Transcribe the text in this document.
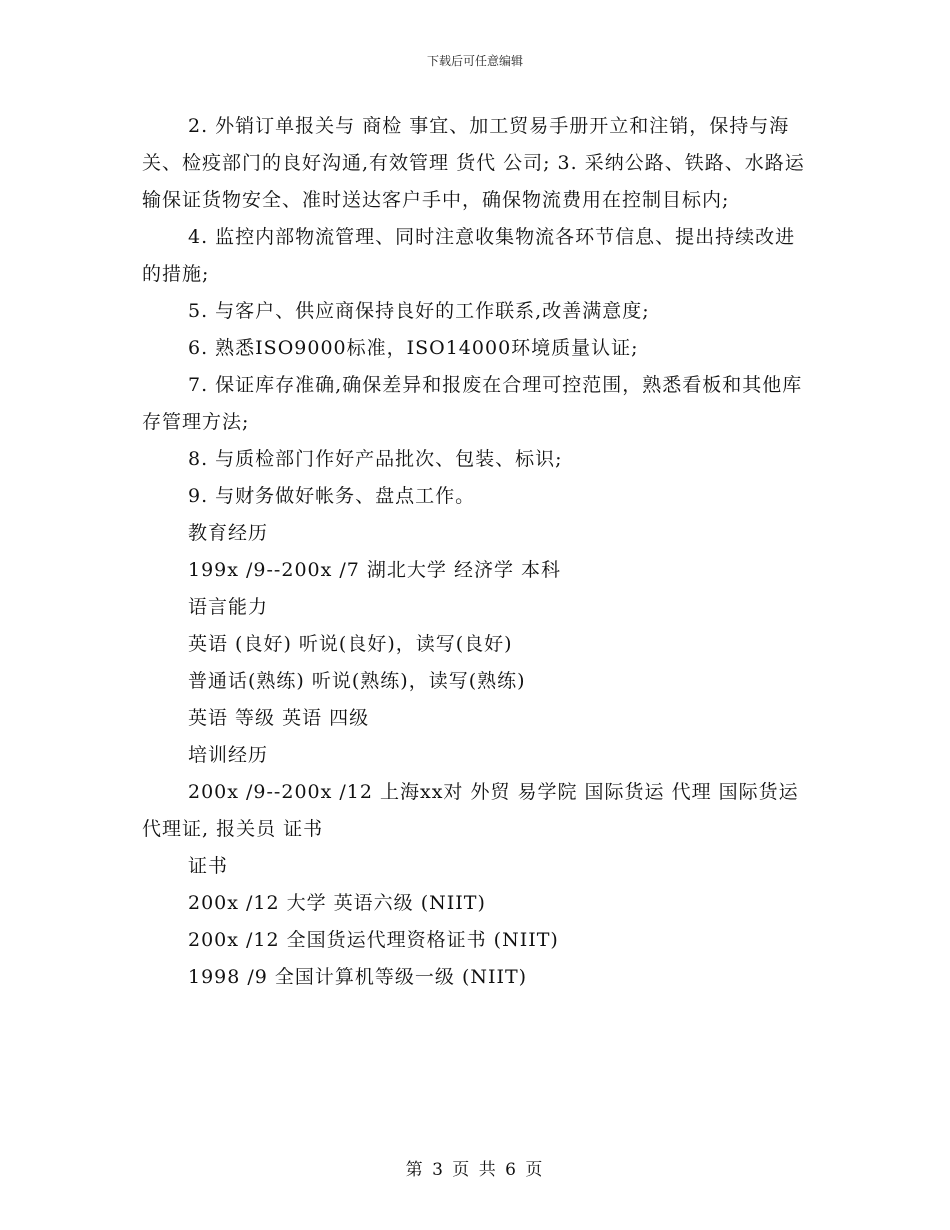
下载后可任意编辑

2. 外销订单报关与 商检 事宜、加工贸易手册开立和注销，保持与海关、检疫部门的良好沟通,有效管理 货代 公司; 3. 采纳公路、铁路、水路运输保证货物安全、准时送达客户手中，确保物流费用在控制目标内;

4. 监控内部物流管理、同时注意收集物流各环节信息、提出持续改进的措施;

5. 与客户、供应商保持良好的工作联系,改善满意度;

6. 熟悉ISO9000标准，ISO14000环境质量认证;

7. 保证库存准确,确保差异和报废在合理可控范围，熟悉看板和其他库存管理方法;

8. 与质检部门作好产品批次、包装、标识;

9. 与财务做好帐务、盘点工作。

教育经历

199x /9--200x /7 湖北大学 经济学 本科

语言能力

英语 (良好) 听说(良好)，读写(良好)

普通话(熟练) 听说(熟练)，读写(熟练)

英语 等级 英语 四级

培训经历

200x /9--200x /12 上海xx对 外贸 易学院 国际货运 代理 国际货运 代理证, 报关员 证书

证书

200x /12 大学 英语六级 (NIIT)

200x /12 全国货运代理资格证书 (NIIT)

1998 /9 全国计算机等级一级 (NIIT)

第 3 页 共 6 页
